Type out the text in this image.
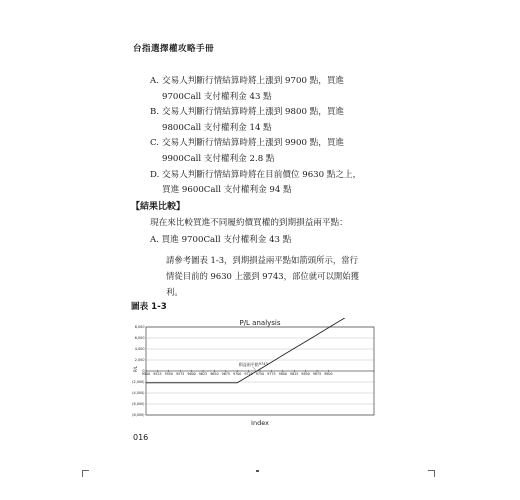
台指選擇權攻略手冊
A. 交易人判斷行情結算時將上漲到 9700 點，買進
9700Call 支付權利金 43 點
B. 交易人判斷行情結算時將上漲到 9800 點，買進
9800Call 支付權利金 14 點
C. 交易人判斷行情結算時將上漲到 9900 點，買進
9900Call 支付權利金 2.8 點
D. 交易人判斷行情結算時將在目前價位 9630 點之上，
買進 9600Call 支付權利金 94 點
【結果比較】
現在來比較買進不同履約價買權的到期損益兩平點：
A. 買進 9700Call 支付權利金 43 點
請參考圖表 1-3，到期損益兩平點如箭頭所示，當行
情從目前的 9630 上漲到 9743，部位就可以開始獲
利。
圖表 1-3
P/L analysis
8,000
6,000
4,000
2,000
0
(2,000)
(4,000)
(6,000)
(8,000)
9500 9525 9550 9575 9600 9625 9650 9675 9700 9725 9750 9775 9800 9825 9850 9875 9900
P/L
Index
損益兩平點 9743
016
